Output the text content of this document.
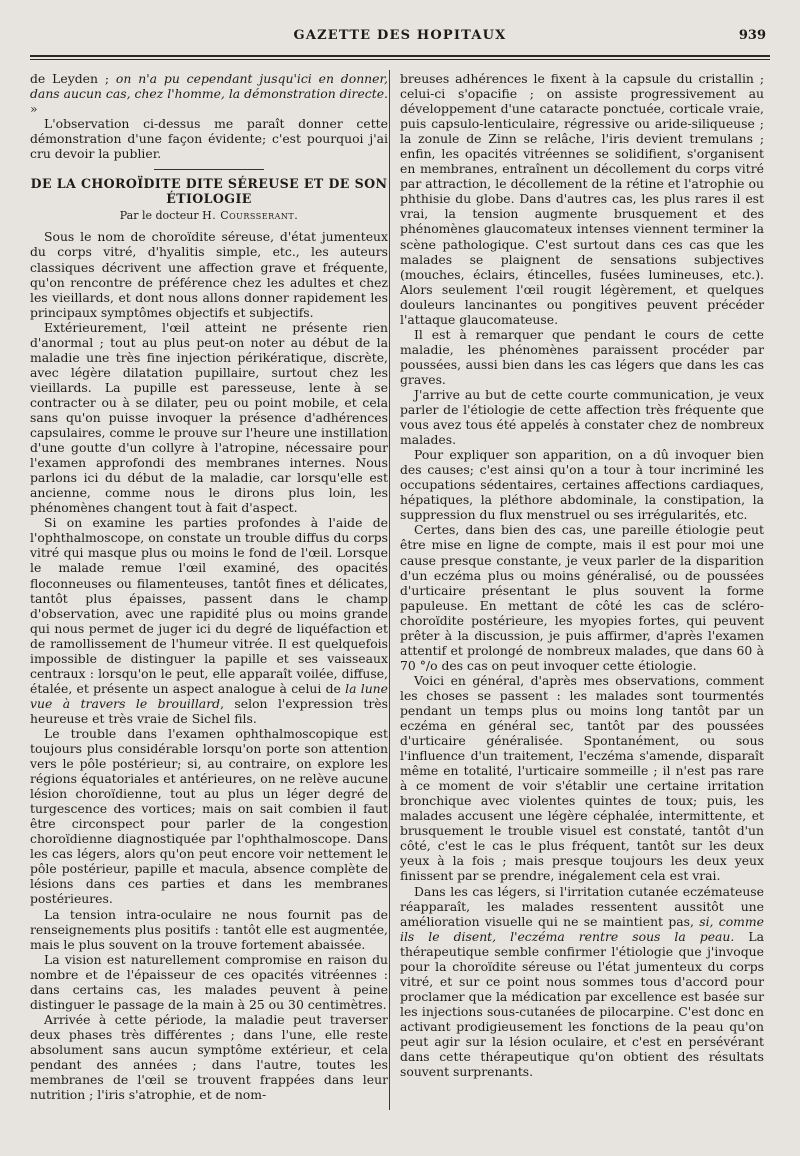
GAZETTE DES HOPITAUX	939

de Leyden ; on n'a pu cependant jusqu'ici en donner, dans aucun cas, chez l'homme, la démonstration directe. »

L'observation ci-dessus me paraît donner cette démonstration d'une façon évidente; c'est pourquoi j'ai cru devoir la publier.

DE LA CHOROÏDITE DITE SÉREUSE ET DE SON ÉTIOLOGIE
Par le docteur H. Coursserant.

Sous le nom de choroïdite séreuse, d'état jumenteux du corps vitré, d'hyalitis simple, etc., les auteurs classiques décrivent une affection grave et fréquente, qu'on rencontre de préférence chez les adultes et chez les vieillards, et dont nous allons donner rapidement les principaux symptômes objectifs et subjectifs.

Extérieurement, l'œil atteint ne présente rien d'anormal ; tout au plus peut-on noter au début de la maladie une très fine injection périkératique, discrète, avec légère dilatation pupillaire, surtout chez les vieillards. La pupille est paresseuse, lente à se contracter ou à se dilater, peu ou point mobile, et cela sans qu'on puisse invoquer la présence d'adhérences capsulaires, comme le prouve sur l'heure une instillation d'une goutte d'un collyre à l'atropine, nécessaire pour l'examen approfondi des membranes internes. Nous parlons ici du début de la maladie, car lorsqu'elle est ancienne, comme nous le dirons plus loin, les phénomènes changent tout à fait d'aspect.

Si on examine les parties profondes à l'aide de l'ophthalmoscope, on constate un trouble diffus du corps vitré qui masque plus ou moins le fond de l'œil. Lorsque le malade remue l'œil examiné, des opacités floconneuses ou filamenteuses, tantôt fines et délicates, tantôt plus épaisses, passent dans le champ d'observation, avec une rapidité plus ou moins grande qui nous permet de juger ici du degré de liquéfaction et de ramollissement de l'humeur vitrée. Il est quelquefois impossible de distinguer la papille et ses vaisseaux centraux : lorsqu'on le peut, elle apparaît voilée, diffuse, étalée, et présente un aspect analogue à celui de la lune vue à travers le brouillard, selon l'expression très heureuse et très vraie de Sichel fils.

Le trouble dans l'examen ophthalmoscopique est toujours plus considérable lorsqu'on porte son attention vers le pôle postérieur; si, au contraire, on explore les régions équatoriales et antérieures, on ne relève aucune lésion choroïdienne, tout au plus un léger degré de turgescence des vortices; mais on sait combien il faut être circonspect pour parler de la congestion choroïdienne diagnostiquée par l'ophthalmoscope. Dans les cas légers, alors qu'on peut encore voir nettement le pôle postérieur, papille et macula, absence complète de lésions dans ces parties et dans les membranes postérieures.

La tension intra-oculaire ne nous fournit pas de renseignements plus positifs : tantôt elle est augmentée, mais le plus souvent on la trouve fortement abaissée.

La vision est naturellement compromise en raison du nombre et de l'épaisseur de ces opacités vitréennes : dans certains cas, les malades peuvent à peine distinguer le passage de la main à 25 ou 30 centimètres.

Arrivée à cette période, la maladie peut traverser deux phases très différentes ; dans l'une, elle reste absolument sans aucun symptôme extérieur, et cela pendant des années ; dans l'autre, toutes les membranes de l'œil se trouvent frappées dans leur nutrition ; l'iris s'atrophie, et de nom-

breuses adhérences le fixent à la capsule du cristallin ; celui-ci s'opacifie ; on assiste progressivement au développement d'une cataracte ponctuée, corticale vraie, puis capsulo-lenticulaire, régressive ou aride-siliqueuse ; la zonule de Zinn se relâche, l'iris devient tremulans ; enfin, les opacités vitréennes se solidifient, s'organisent en membranes, entraînent un décollement du corps vitré par attraction, le décollement de la rétine et l'atrophie ou phthisie du globe. Dans d'autres cas, les plus rares il est vrai, la tension augmente brusquement et des phénomènes glaucomateux intenses viennent terminer la scène pathologique. C'est surtout dans ces cas que les malades se plaignent de sensations subjectives (mouches, éclairs, étincelles, fusées lumineuses, etc.). Alors seulement l'œil rougit légèrement, et quelques douleurs lancinantes ou pongitives peuvent précéder l'attaque glaucomateuse.

Il est à remarquer que pendant le cours de cette maladie, les phénomènes paraissent procéder par poussées, aussi bien dans les cas légers que dans les cas graves.

J'arrive au but de cette courte communication, je veux parler de l'étiologie de cette affection très fréquente que vous avez tous été appelés à constater chez de nombreux malades.

Pour expliquer son apparition, on a dû invoquer bien des causes; c'est ainsi qu'on a tour à tour incriminé les occupations sédentaires, certaines affections cardiaques, hépatiques, la pléthore abdominale, la constipation, la suppression du flux menstruel ou ses irrégularités, etc.

Certes, dans bien des cas, une pareille étiologie peut être mise en ligne de compte, mais il est pour moi une cause presque constante, je veux parler de la disparition d'un eczéma plus ou moins généralisé, ou de poussées d'urticaire présentant le plus souvent la forme papuleuse. En mettant de côté les cas de scléro-choroïdite postérieure, les myopies fortes, qui peuvent prêter à la discussion, je puis affirmer, d'après l'examen attentif et prolongé de nombreux malades, que dans 60 à 70 °/o des cas on peut invoquer cette étiologie.

Voici en général, d'après mes observations, comment les choses se passent : les malades sont tourmentés pendant un temps plus ou moins long tantôt par un eczéma en général sec, tantôt par des poussées d'urticaire généralisée. Spontanément, ou sous l'influence d'un traitement, l'eczéma s'amende, disparaît même en totalité, l'urticaire sommeille ; il n'est pas rare à ce moment de voir s'établir une certaine irritation bronchique avec violentes quintes de toux; puis, les malades accusent une légère céphalée, intermittente, et brusquement le trouble visuel est constaté, tantôt d'un côté, c'est le cas le plus fréquent, tantôt sur les deux yeux à la fois ; mais presque toujours les deux yeux finissent par se prendre, inégalement cela est vrai.

Dans les cas légers, si l'irritation cutanée eczémateuse réapparaît, les malades ressentent aussitôt une amélioration visuelle qui ne se maintient pas, si, comme ils le disent, l'eczéma rentre sous la peau. La thérapeutique semble confirmer l'étiologie que j'invoque pour la choroïdite séreuse ou l'état jumenteux du corps vitré, et sur ce point nous sommes tous d'accord pour proclamer que la médication par excellence est basée sur les injections sous-cutanées de pilocarpine. C'est donc en activant prodigieusement les fonctions de la peau qu'on peut agir sur la lésion oculaire, et c'est en persévérant dans cette thérapeutique qu'on obtient des résultats souvent surprenants.
